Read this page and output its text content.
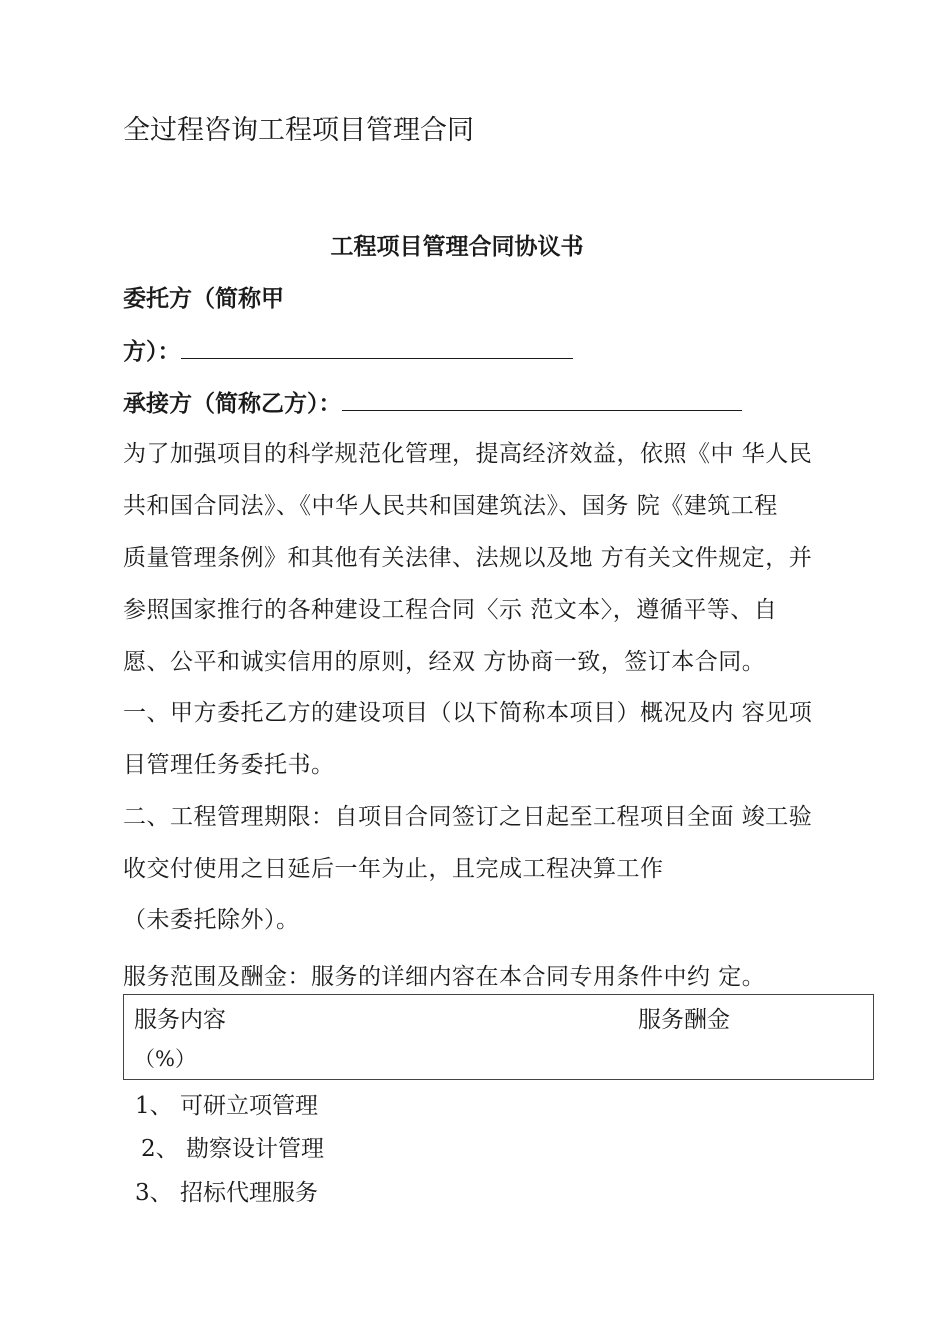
全过程咨询工程项目管理合同
工程项目管理合同协议书
委托方（简称甲
方）：
承接方（简称乙方）：
为了加强项目的科学规范化管理，提高经济效益，依照《中 华人民
共和国合同法》、《中华人民共和国建筑法》、国务 院《建筑工程
质量管理条例》和其他有关法律、法规以及地 方有关文件规定，并
参照国家推行的各种建设工程合同〈示 范文本〉，遵循平等、自
愿、公平和诚实信用的原则，经双 方协商一致，签订本合同。
一、甲方委托乙方的建设项目（以下简称本项目）概况及内 容见项
目管理任务委托书。
二、工程管理期限：自项目合同签订之日起至工程项目全面 竣工验
收交付使用之日延后一年为止，且完成工程决算工作
（未委托除外）。
服务范围及酬金：服务的详细内容在本合同专用条件中约 定。
服务内容	服务酬金
（%）
1、 可研立项管理
2、 勘察设计管理
3、 招标代理服务
